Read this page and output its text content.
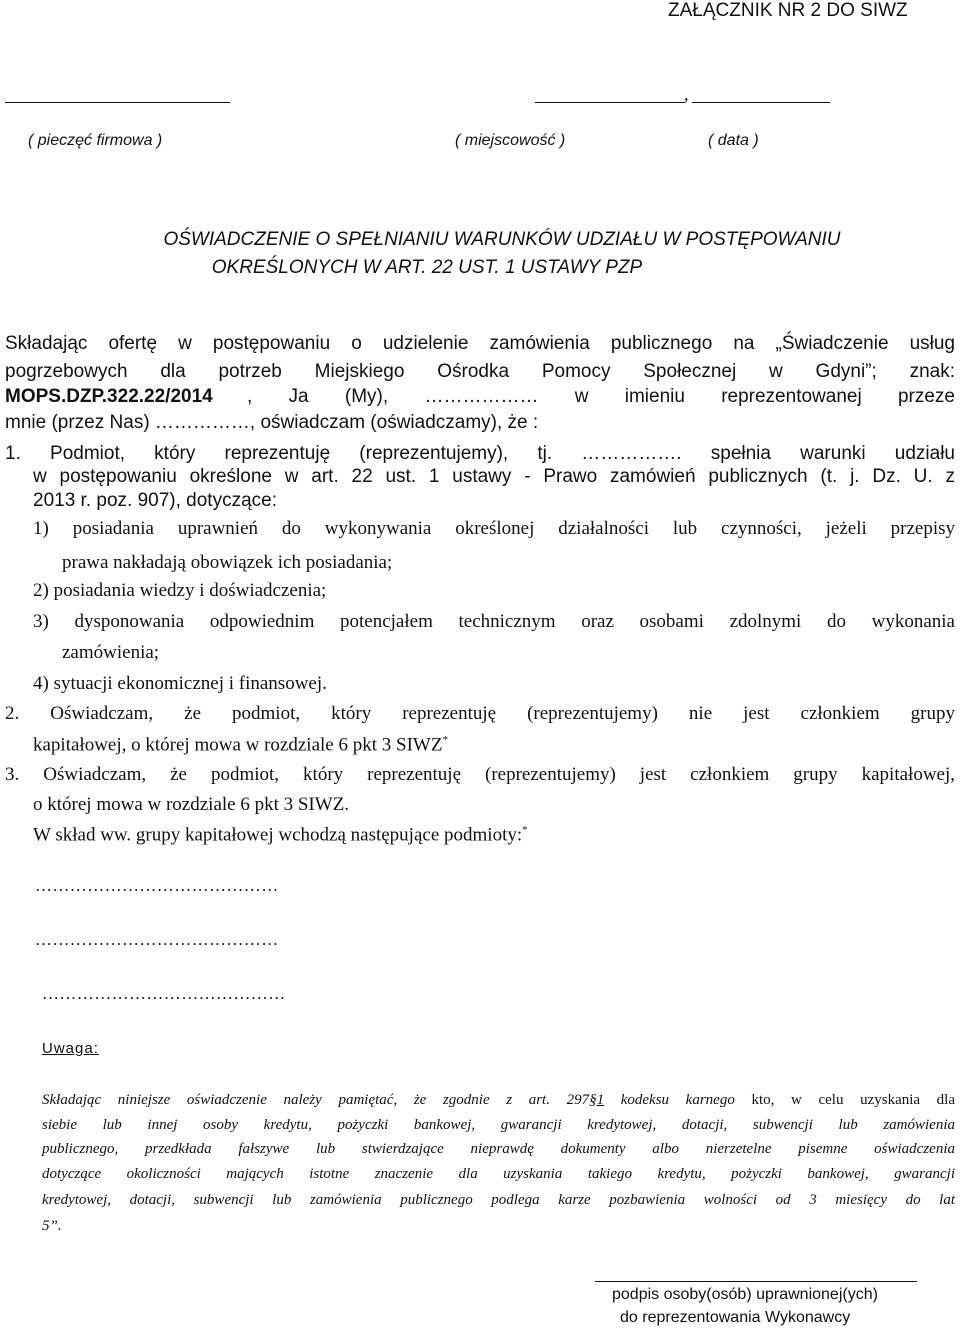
ZAŁĄCZNIK NR 2 DO SIWZ
,
( pieczęć firmowa )	( miejscowość )	( data )
OŚWIADCZENIE O SPEŁNIANIU WARUNKÓW UDZIAŁU W POSTĘPOWANIU
OKREŚLONYCH W ART. 22 UST. 1 USTAWY PZP
Składając ofertę w postępowaniu o udzielenie zamówienia publicznego na „Świadczenie usług
pogrzebowych dla potrzeb Miejskiego Ośrodka Pomocy Społecznej w Gdyni”; znak:
MOPS.DZP.322.22/2014 , Ja (My), ……………… w imieniu reprezentowanej przeze
mnie (przez Nas) ……………, oświadczam (oświadczamy), że :
1. Podmiot, który reprezentuję (reprezentujemy), tj. ……………. spełnia warunki udziału
w postępowaniu określone w art. 22 ust. 1 ustawy - Prawo zamówień publicznych (t. j. Dz. U. z
2013 r. poz. 907), dotyczące:
1) posiadania uprawnień do wykonywania określonej działalności lub czynności, jeżeli przepisy
prawa nakładają obowiązek ich posiadania;
2) posiadania wiedzy i doświadczenia;
3) dysponowania odpowiednim potencjałem technicznym oraz osobami zdolnymi do wykonania
zamówienia;
4) sytuacji ekonomicznej i finansowej.
2. Oświadczam, że podmiot, który reprezentuję (reprezentujemy) nie jest członkiem grupy
kapitałowej, o której mowa w rozdziale 6 pkt 3 SIWZ*
3. Oświadczam, że podmiot, który reprezentuję (reprezentujemy) jest członkiem grupy kapitałowej,
o której mowa w rozdziale 6 pkt 3 SIWZ.
W skład ww. grupy kapitałowej wchodzą następujące podmioty:*
……………………………………
……………………………………
……………………………………
Uwaga:
Składając niniejsze oświadczenie należy pamiętać, że zgodnie z art. 297§1 kodeksu karnego kto, w celu uzyskania dla
siebie lub innej osoby kredytu, pożyczki bankowej, gwarancji kredytowej, dotacji, subwencji lub zamówienia
publicznego, przedkłada fałszywe lub stwierdzające nieprawdę dokumenty albo nierzetelne pisemne oświadczenia
dotyczące okoliczności mających istotne znaczenie dla uzyskania takiego kredytu, pożyczki bankowej, gwarancji
kredytowej, dotacji, subwencji lub zamówienia publicznego podlega karze pozbawienia wolności od 3 miesięcy do lat
5”.
podpis osoby(osób) uprawnionej(ych)
do reprezentowania Wykonawcy
